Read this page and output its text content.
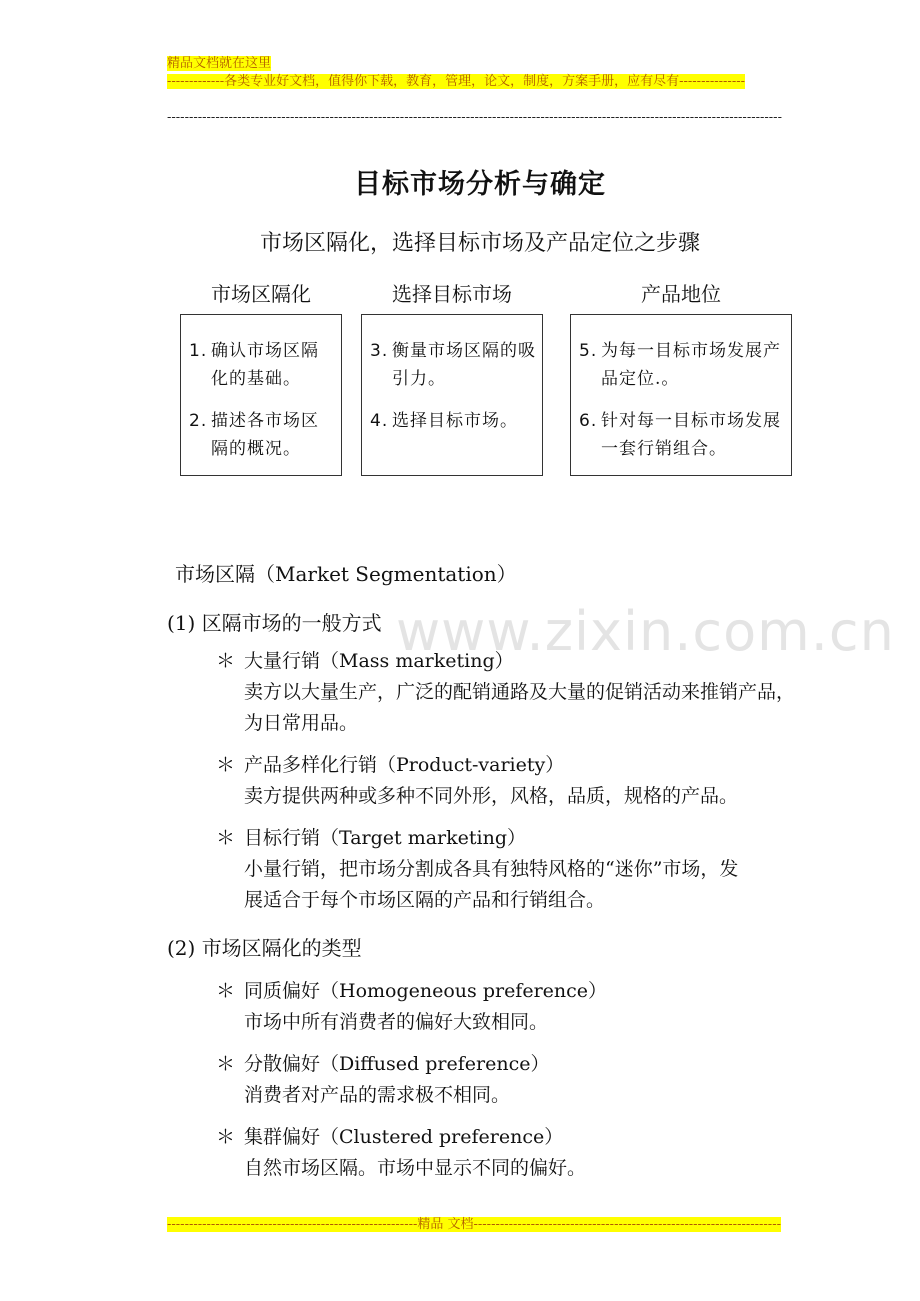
www.zixin.com.cn
精品文档就在这里
-------------各类专业好文档，值得你下载，教育，管理，论文，制度，方案手册，应有尽有---------------
--------------------------------------------------------------------------------------------------------------------------------------------
目标市场分析与确定
市场区隔化，选择目标市场及产品定位之步骤
市场区隔化	选择目标市场	产品地位
1. 确认市场区隔化的基础。
2. 描述各市场区隔的概况。
3. 衡量市场区隔的吸引力。
4. 选择目标市场。
5. 为每一目标市场发展产品定位.。
6. 针对每一目标市场发展一套行销组合。
市场区隔（Market Segmentation）
(1) 区隔市场的一般方式
＊ 大量行销（Mass marketing）
卖方以大量生产，广泛的配销通路及大量的促销活动来推销产品，为日常用品。
＊ 产品多样化行销（Product-variety）
卖方提供两种或多种不同外形，风格，品质，规格的产品。
＊ 目标行销（Target marketing）
小量行销，把市场分割成各具有独特风格的“迷你”市场，发展适合于每个市场区隔的产品和行销组合。
(2) 市场区隔化的类型
＊ 同质偏好（Homogeneous preference）
市场中所有消费者的偏好大致相同。
＊ 分散偏好（Diffused preference）
消费者对产品的需求极不相同。
＊ 集群偏好（Clustered preference）
自然市场区隔。市场中显示不同的偏好。
---------------------------------------------------------精品 文档----------------------------------------------------------------------
